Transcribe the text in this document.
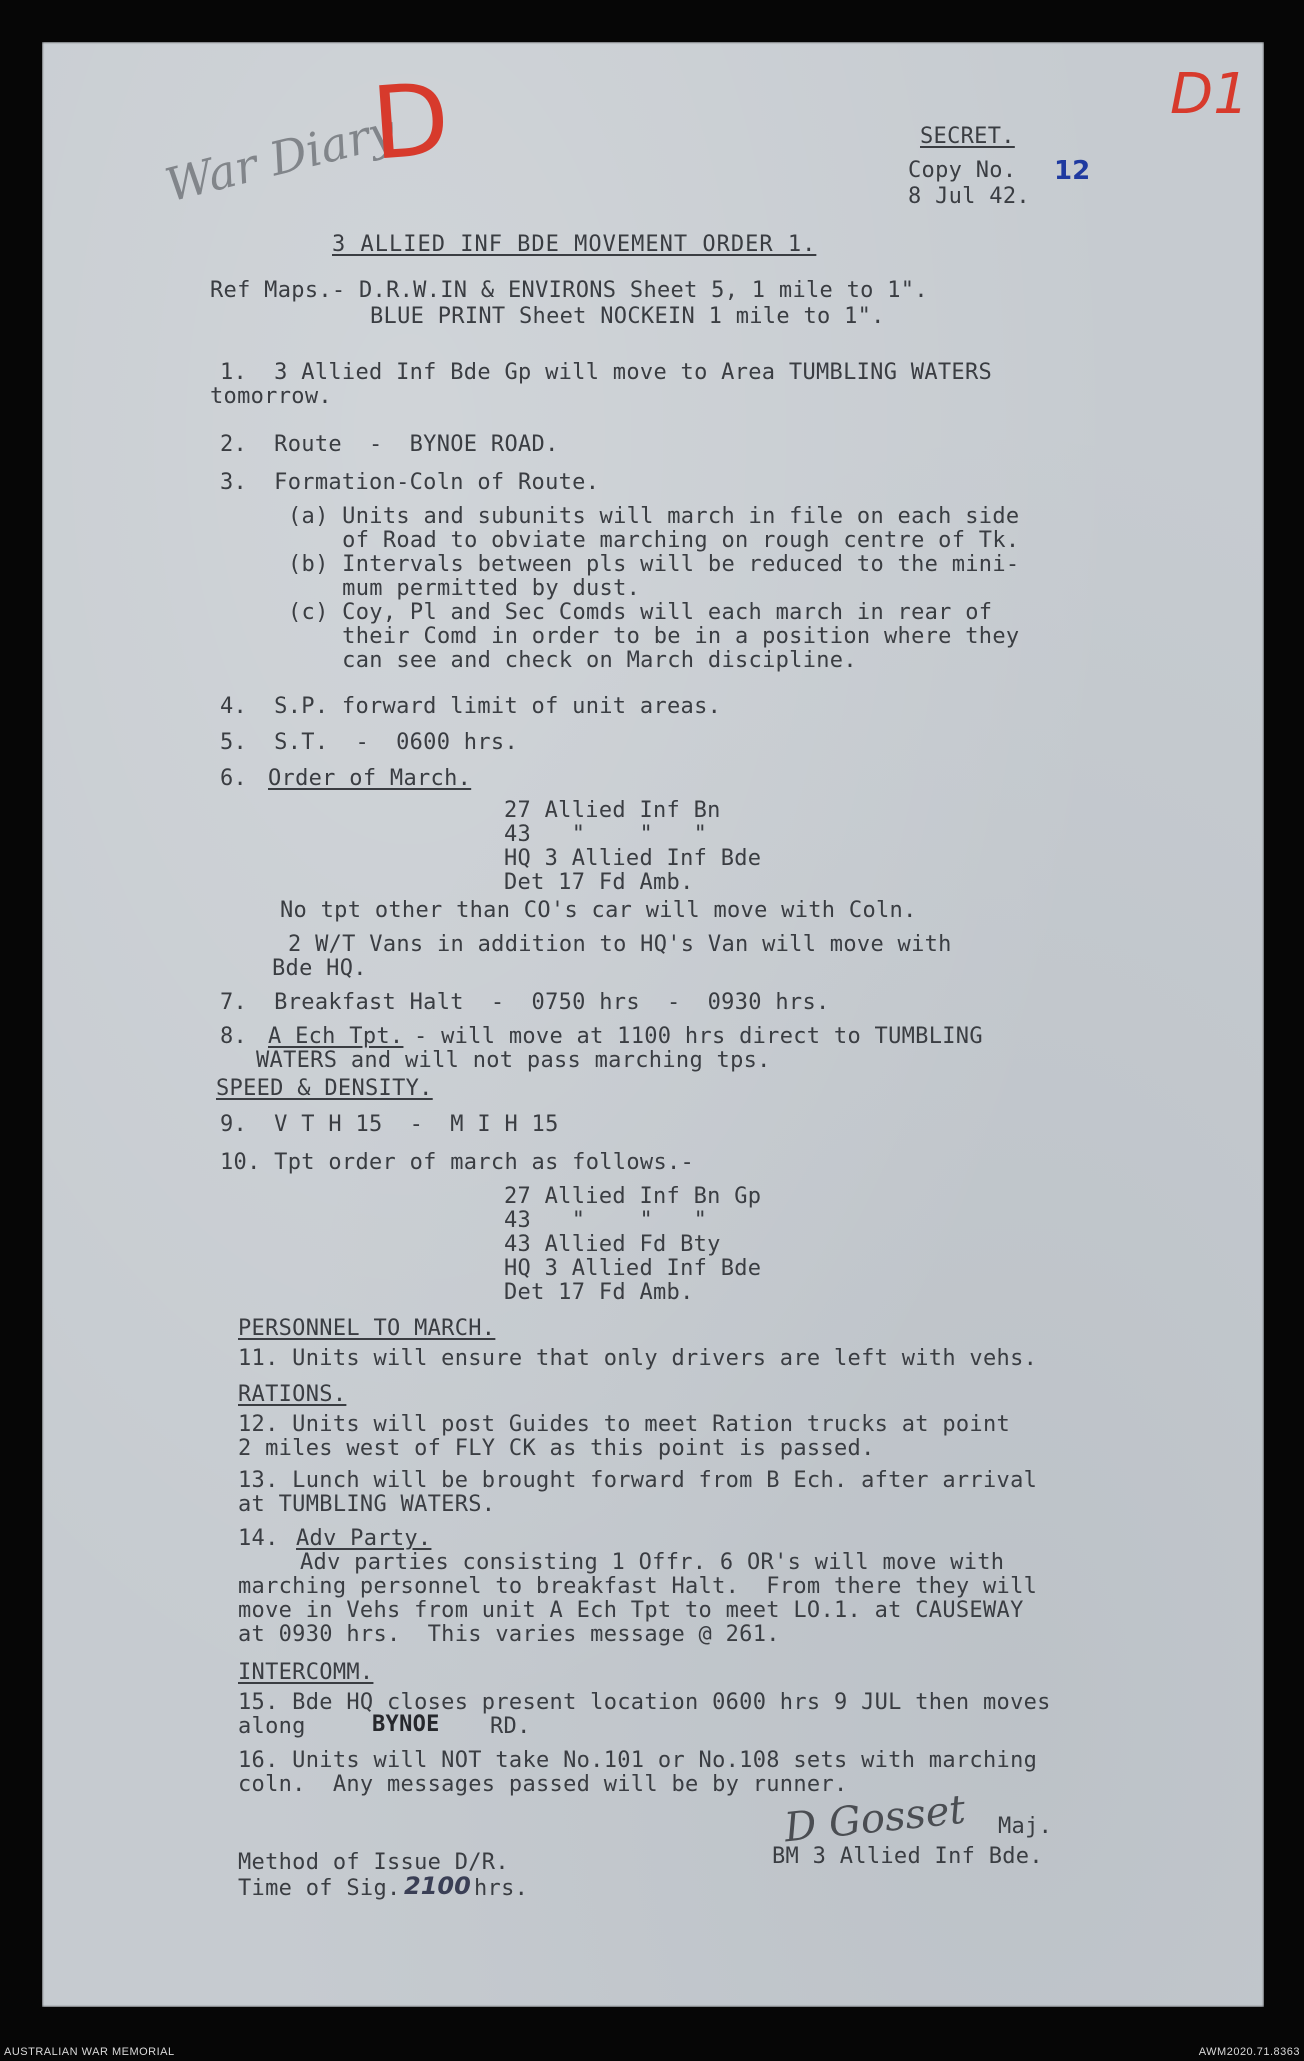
War Diary
D	D1
SECRET.
Copy No. 12
8 Jul 42.
3 ALLIED INF BDE MOVEMENT ORDER 1.
Ref Maps.- D.R.W.IN & ENVIRONS Sheet 5, 1 mile to 1".
BLUE PRINT Sheet NOCKEIN 1 mile to 1".
1.  3 Allied Inf Bde Gp will move to Area TUMBLING WATERS
tomorrow.
2.  Route  -  BYNOE ROAD.
3.  Formation-Coln of Route.
(a) Units and subunits will march in file on each side
of Road to obviate marching on rough centre of Tk.
(b) Intervals between pls will be reduced to the mini-
mum permitted by dust.
(c) Coy, Pl and Sec Comds will each march in rear of
their Comd in order to be in a position where they
can see and check on March discipline.
4.  S.P. forward limit of unit areas.
5.  S.T.  -  0600 hrs.
6. Order of March.
27 Allied Inf Bn
43   "    "   "
HQ 3 Allied Inf Bde
Det 17 Fd Amb.
No tpt other than CO's car will move with Coln.
2 W/T Vans in addition to HQ's Van will move with
Bde HQ.
7.  Breakfast Halt  -  0750 hrs  -  0930 hrs.
8. A Ech Tpt. - will move at 1100 hrs direct to TUMBLING
WATERS and will not pass marching tps.
SPEED & DENSITY.
9.  V T H 15  -  M I H 15
10. Tpt order of march as follows.-
27 Allied Inf Bn Gp
43   "    "   "
43 Allied Fd Bty
HQ 3 Allied Inf Bde
Det 17 Fd Amb.
PERSONNEL TO MARCH.
11. Units will ensure that only drivers are left with vehs.
RATIONS.
12. Units will post Guides to meet Ration trucks at point
2 miles west of FLY CK as this point is passed.
13. Lunch will be brought forward from B Ech. after arrival
at TUMBLING WATERS.
14. Adv Party.
Adv parties consisting 1 Offr. 6 OR's will move with
marching personnel to breakfast Halt.  From there they will
move in Vehs from unit A Ech Tpt to meet LO.1. at CAUSEWAY
at 0930 hrs.  This varies message @ 261.
INTERCOMM.
15. Bde HQ closes present location 0600 hrs 9 JUL then moves
along	BYNOE RD.
16. Units will NOT take No.101 or No.108 sets with marching
coln.  Any messages passed will be by runner.
D Gosset Maj.
BM 3 Allied Inf Bde.
Method of Issue D/R.
Time of Sig. 2100 hrs.
AUSTRALIAN WAR MEMORIAL	AWM2020.71.8363
